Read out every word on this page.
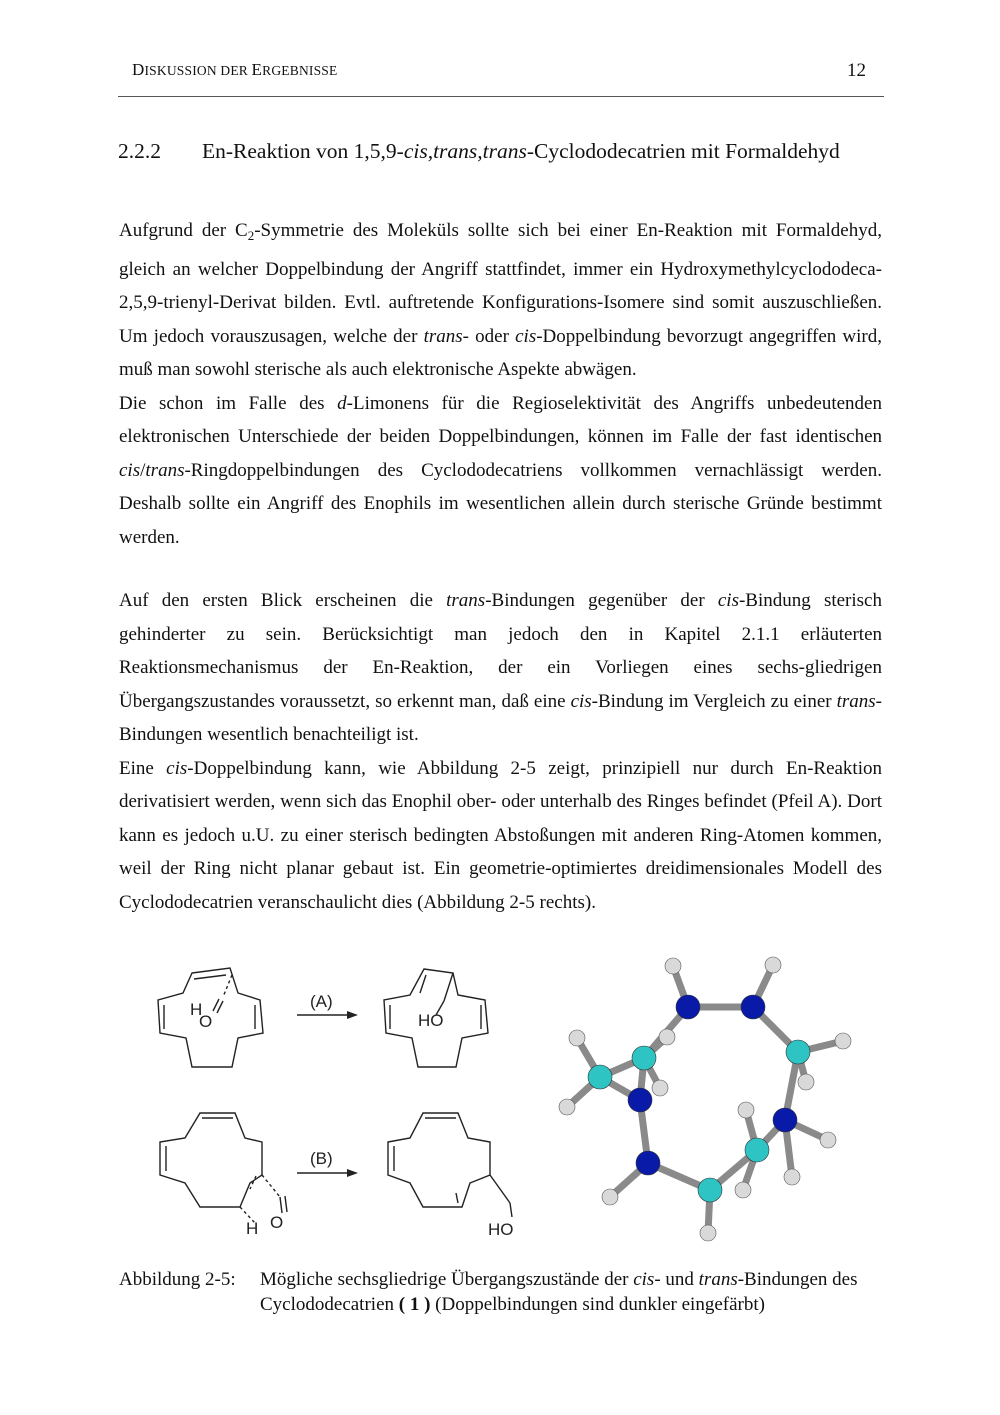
DISKUSSION DER ERGEBNISSE	12
2.2.2 En-Reaktion von 1,5,9-cis,trans,trans-Cyclododecatrien mit Formaldehyd

Aufgrund der $C_2$-Symmetrie des Moleküls sollte sich bei einer En-Reaktion mit Formaldehyd, gleich an welcher Doppelbindung der Angriff stattfindet, immer ein Hydroxymethylcyclododeca-2,5,9-trienyl-Derivat bilden. Evtl. auftretende Konfigurations-Isomere sind somit auszuschließen. Um jedoch vorauszusagen, welche der trans- oder cis-Doppelbindung bevorzugt angegriffen wird, muß man sowohl sterische als auch elektronische Aspekte abwägen.
Die schon im Falle des d-Limonens für die Regioselektivität des Angriffs unbedeutenden elektronischen Unterschiede der beiden Doppelbindungen, können im Falle der fast identischen cis/trans-Ringdoppelbindungen des Cyclododecatriens vollkommen vernachlässigt werden. Deshalb sollte ein Angriff des Enophils im wesentlichen allein durch sterische Gründe bestimmt werden.

Auf den ersten Blick erscheinen die trans-Bindungen gegenüber der cis-Bindung sterisch gehinderter zu sein. Berücksichtigt man jedoch den in Kapitel 2.1.1 erläuterten Reaktionsmechanismus der En-Reaktion, der ein Vorliegen eines sechs-gliedrigen Übergangszustandes voraussetzt, so erkennt man, daß eine cis-Bindung im Vergleich zu einer trans-Bindungen wesentlich benachteiligt ist.
Eine cis-Doppelbindung kann, wie Abbildung 2-5 zeigt, prinzipiell nur durch En-Reaktion derivatisiert werden, wenn sich das Enophil ober- oder unterhalb des Ringes befindet (Pfeil A). Dort kann es jedoch u.U. zu einer sterisch bedingten Abstoßungen mit anderen Ring-Atomen kommen, weil der Ring nicht planar gebaut ist. Ein geometrie-optimiertes dreidimensionales Modell des Cyclododecatrien veranschaulicht dies (Abbildung 2-5 rechts).

H
O
(A)
HO
H O
(B)
HO
Abbildung 2-5: Mögliche sechsgliedrige Übergangszustände der cis- und trans-Bindungen des Cyclododecatrien ( 1 ) (Doppelbindungen sind dunkler eingefärbt)
